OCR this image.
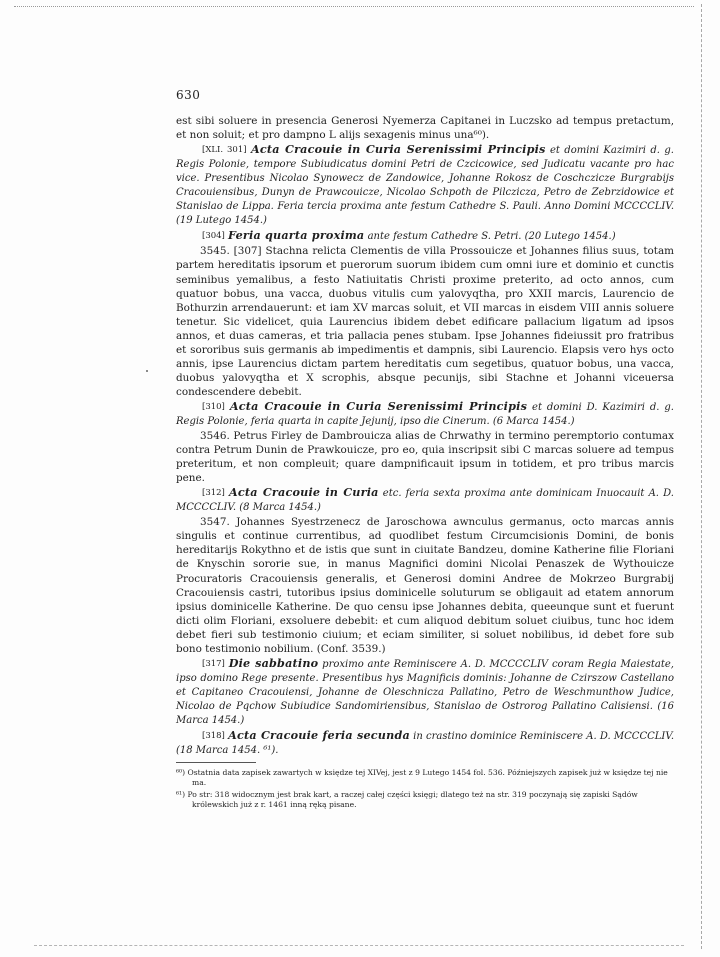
630

est sibi soluere in presencia Generosi Nyemerza Capitanei in Luczsko ad tempus pretactum, et non soluit; et pro dampno L alijs sexagenis minus una⁶⁰).

[XLI. 301] Acta Cracouie in Curia Serenissimi Principis et domini Kazimiri d. g. Regis Polonie, tempore Subiudicatus domini Petri de Czcicowice, sed Judicatu vacante pro hac vice. Presentibus Nicolao Synowecz de Zandowice, Johanne Rokosz de Coschczicze Burgrabijs Cracouiensibus, Dunyn de Prawcouicze, Nicolao Schpoth de Pilczicza, Petro de Zebrzidowice et Stanislao de Lippa. Feria tercia proxima ante festum Cathedre S. Pauli. Anno Domini MCCCCLIV. (19 Lutego 1454.)

[304] Feria quarta proxima ante festum Cathedre S. Petri. (20 Lutego 1454.)

3545. [307] Stachna relicta Clementis de villa Prossouicze et Johannes filius suus, totam partem hereditatis ipsorum et puerorum suorum ibidem cum omni iure et dominio et cunctis seminibus yemalibus, a festo Natiuitatis Christi proxime preterito, ad octo annos, cum quatuor bobus, una vacca, duobus vitulis cum yalovyqtha, pro XXII marcis, Laurencio de Bothurzin arrendauerunt: et iam XV marcas soluit, et VII marcas in eisdem VIII annis soluere tenetur. Sic videlicet, quia Laurencius ibidem debet edificare pallacium ligatum ad ipsos annos, et duas cameras, et tria pallacia penes stubam. Ipse Johannes fideiussit pro fratribus et sororibus suis germanis ab impedimentis et dampnis, sibi Laurencio. Elapsis vero hys octo annis, ipse Laurencius dictam partem hereditatis cum segetibus, quatuor bobus, una vacca, duobus yalovyqtha et X scrophis, absque pecunijs, sibi Stachne et Johanni viceuersa condescendere debebit.

[310] Acta Cracouie in Curia Serenissimi Principis et domini D. Kazimiri d. g. Regis Polonie, feria quarta in capite Jejunij, ipso die Cinerum. (6 Marca 1454.)

3546. Petrus Firley de Dambrouicza alias de Chrwathy in termino peremptorio contumax contra Petrum Dunin de Prawkouicze, pro eo, quia inscripsit sibi C marcas soluere ad tempus preteritum, et non compleuit; quare dampnificauit ipsum in totidem, et pro tribus marcis pene.

[312] Acta Cracouie in Curia etc. feria sexta proxima ante dominicam Inuocauit A. D. MCCCCLIV. (8 Marca 1454.)

3547. Johannes Syestrzenecz de Jaroschowa awnculus germanus, octo marcas annis singulis et continue currentibus, ad quodlibet festum Circumcisionis Domini, de bonis hereditarijs Rokythno et de istis que sunt in ciuitate Bandzeu, domine Katherine filie Floriani de Knyschin sororie sue, in manus Magnifici domini Nicolai Penaszek de Wythouicze Procuratoris Cracouiensis generalis, et Generosi domini Andree de Mokrzeo Burgrabij Cracouiensis castri, tutoribus ipsius dominicelle soluturum se obligauit ad etatem annorum ipsius dominicelle Katherine. De quo censu ipse Johannes debita, queeunque sunt et fuerunt dicti olim Floriani, exsoluere debebit: et cum aliquod debitum soluet ciuibus, tunc hoc idem debet fieri sub testimonio ciuium; et eciam similiter, si soluet nobilibus, id debet fore sub bono testimonio nobilium. (Conf. 3539.)

[317] Die sabbatino proximo ante Reminiscere A. D. MCCCCLIV coram Regia Maiestate, ipso domino Rege presente. Presentibus hys Magnificis dominis: Johanne de Czirszow Castellano et Capitaneo Cracouiensi, Johanne de Oleschnicza Pallatino, Petro de Weschmunthow Judice, Nicolao de Pqchow Subiudice Sandomiriensibus, Stanislao de Ostrorog Pallatino Calisiensi. (16 Marca 1454.)

[318] Acta Cracouie feria secunda in crastino dominice Reminiscere A. D. MCCCCLIV. (18 Marca 1454. ⁶¹).

⁶⁰) Ostatnia data zapisek zawartych w księdze tej XIVej, jest z 9 Lutego 1454 fol. 536. Późniejszych zapisek już w księdze tej nie ma.

⁶¹) Po str: 318 widocznym jest brak kart, a raczej całej części księgi; dlatego też na str. 319 poczynają się zapiski Sądów królewskich już z r. 1461 inną ręką pisane.
